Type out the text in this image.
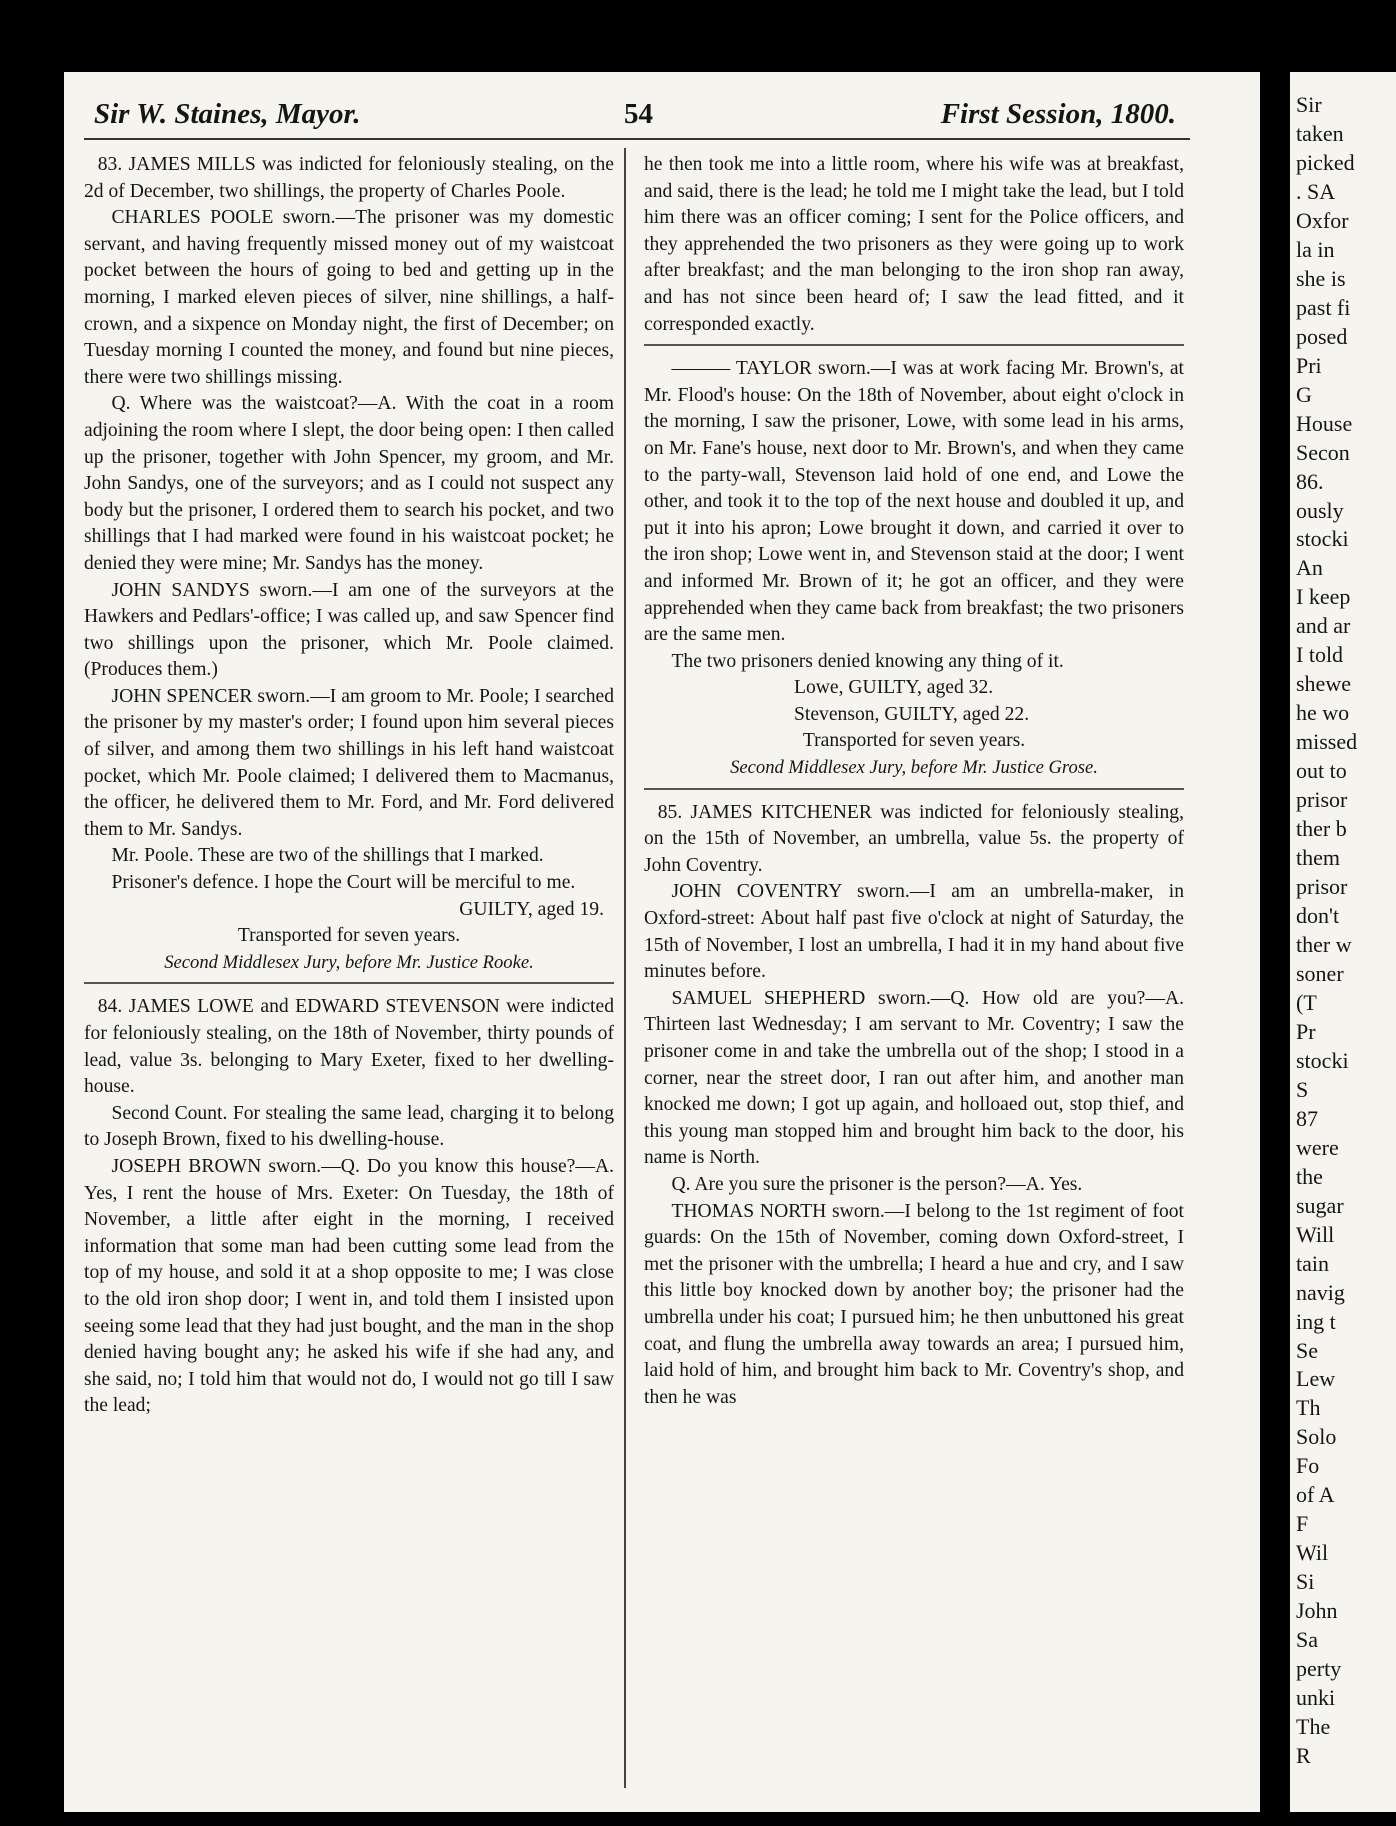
Sir W. Staines, Mayor.	54	First Session, 1800.

83. JAMES MILLS was indicted for feloniously stealing, on the 2d of December, two shillings, the property of Charles Poole.

CHARLES POOLE sworn.—The prisoner was my domestic servant, and having frequently missed money out of my waistcoat pocket between the hours of going to bed and getting up in the morning, I marked eleven pieces of silver, nine shillings, a half-crown, and a sixpence on Monday night, the first of December; on Tuesday morning I counted the money, and found but nine pieces, there were two shillings missing.

Q. Where was the waistcoat?—A. With the coat in a room adjoining the room where I slept, the door being open: I then called up the prisoner, together with John Spencer, my groom, and Mr. John Sandys, one of the surveyors; and as I could not suspect any body but the prisoner, I ordered them to search his pocket, and two shillings that I had marked were found in his waistcoat pocket; he denied they were mine; Mr. Sandys has the money.

JOHN SANDYS sworn.—I am one of the surveyors at the Hawkers and Pedlars'-office; I was called up, and saw Spencer find two shillings upon the prisoner, which Mr. Poole claimed. (Produces them.)

JOHN SPENCER sworn.—I am groom to Mr. Poole; I searched the prisoner by my master's order; I found upon him several pieces of silver, and among them two shillings in his left hand waistcoat pocket, which Mr. Poole claimed; I delivered them to Macmanus, the officer, he delivered them to Mr. Ford, and Mr. Ford delivered them to Mr. Sandys.

Mr. Poole. These are two of the shillings that I marked.

Prisoner's defence. I hope the Court will be merciful to me.

GUILTY, aged 19.

Transported for seven years.

Second Middlesex Jury, before Mr. Justice Rooke.

84. JAMES LOWE and EDWARD STEVENSON were indicted for feloniously stealing, on the 18th of November, thirty pounds of lead, value 3s. belonging to Mary Exeter, fixed to her dwelling-house.

Second Count. For stealing the same lead, charging it to belong to Joseph Brown, fixed to his dwelling-house.

JOSEPH BROWN sworn.—Q. Do you know this house?—A. Yes, I rent the house of Mrs. Exeter: On Tuesday, the 18th of November, a little after eight in the morning, I received information that some man had been cutting some lead from the top of my house, and sold it at a shop opposite to me; I was close to the old iron shop door; I went in, and told them I insisted upon seeing some lead that they had just bought, and the man in the shop denied having bought any; he asked his wife if she had any, and she said, no; I told him that would not do, I would not go till I saw the lead;

he then took me into a little room, where his wife was at breakfast, and said, there is the lead; he told me I might take the lead, but I told him there was an officer coming; I sent for the Police officers, and they apprehended the two prisoners as they were going up to work after breakfast; and the man belonging to the iron shop ran away, and has not since been heard of; I saw the lead fitted, and it corresponded exactly.

——— TAYLOR sworn.—I was at work facing Mr. Brown's, at Mr. Flood's house: On the 18th of November, about eight o'clock in the morning, I saw the prisoner, Lowe, with some lead in his arms, on Mr. Fane's house, next door to Mr. Brown's, and when they came to the party-wall, Stevenson laid hold of one end, and Lowe the other, and took it to the top of the next house and doubled it up, and put it into his apron; Lowe brought it down, and carried it over to the iron shop; Lowe went in, and Stevenson staid at the door; I went and informed Mr. Brown of it; he got an officer, and they were apprehended when they came back from breakfast; the two prisoners are the same men.

The two prisoners denied knowing any thing of it.

Lowe, GUILTY, aged 32.

Stevenson, GUILTY, aged 22.

Transported for seven years.

Second Middlesex Jury, before Mr. Justice Grose.

85. JAMES KITCHENER was indicted for feloniously stealing, on the 15th of November, an umbrella, value 5s. the property of John Coventry.

JOHN COVENTRY sworn.—I am an umbrella-maker, in Oxford-street: About half past five o'clock at night of Saturday, the 15th of November, I lost an umbrella, I had it in my hand about five minutes before.

SAMUEL SHEPHERD sworn.—Q. How old are you?—A. Thirteen last Wednesday; I am servant to Mr. Coventry; I saw the prisoner come in and take the umbrella out of the shop; I stood in a corner, near the street door, I ran out after him, and another man knocked me down; I got up again, and holloaed out, stop thief, and this young man stopped him and brought him back to the door, his name is North.

Q. Are you sure the prisoner is the person?—A. Yes.

THOMAS NORTH sworn.—I belong to the 1st regiment of foot guards: On the 15th of November, coming down Oxford-street, I met the prisoner with the umbrella; I heard a hue and cry, and I saw this little boy knocked down by another boy; the prisoner had the umbrella under his coat; I pursued him; he then unbuttoned his great coat, and flung the umbrella away towards an area; I pursued him, laid hold of him, and brought him back to Mr. Coventry's shop, and then he was

Sir
taken
picked
. SA
Oxfor
la in
she is
past fi
posed
Pri
G
House
Secon
86.
ously
stocki
An
I keep
and ar
I told
shewe
he wo
missed
out to
prisor
ther b
them
prisor
don't
ther w
soner
(T
Pr
stocki
S
87
were
the
sugar
Will
tain
navig
ing t
Se
Lew
Th
Solo
Fo
of A
F
Wil
Si
John
Sa
perty
unki
The
R
